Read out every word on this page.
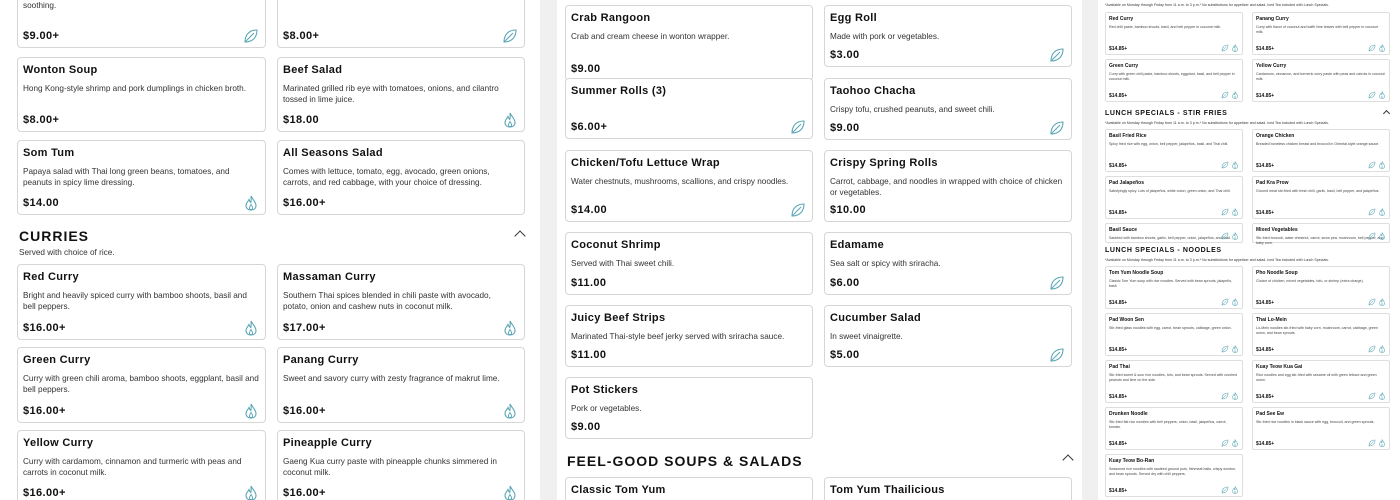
soothing.
$9.00+	$8.00+
Wonton Soup
Hong Kong-style shrimp and pork dumplings in chicken broth.
$8.00+
Beef Salad
Marinated grilled rib eye with tomatoes, onions, and cilantro tossed in lime juice.
$18.00
Som Tum
Papaya salad with Thai long green beans, tomatoes, and peanuts in spicy lime dressing.
$14.00
All Seasons Salad
Comes with lettuce, tomato, egg, avocado, green onions, carrots, and red cabbage, with your choice of dressing.
$16.00+
CURRIES
Served with choice of rice.
Red Curry
Bright and heavily spiced curry with bamboo shoots, basil and bell peppers.
$16.00+
Massaman Curry
Southern Thai spices blended in chili paste with avocado, potato, onion and cashew nuts in coconut milk.
$17.00+
Green Curry
Curry with green chili aroma, bamboo shoots, eggplant, basil and bell peppers.
$16.00+
Panang Curry
Sweet and savory curry with zesty fragrance of makrut lime.
$16.00+
Yellow Curry
Curry with cardamom, cinnamon and turmeric with peas and carrots in coconut milk.
$16.00+
Pineapple Curry
Gaeng Kua curry paste with pineapple chunks simmered in coconut milk.
$16.00+
Crab Rangoon
Crab and cream cheese in wonton wrapper.
$9.00
Egg Roll
Made with pork or vegetables.
$3.00
Summer Rolls (3)
$6.00+
Taohoo Chacha
Crispy tofu, crushed peanuts, and sweet chili.
$9.00
Chicken/Tofu Lettuce Wrap
Water chestnuts, mushrooms, scallions, and crispy noodles.
$14.00
Crispy Spring Rolls
Carrot, cabbage, and noodles in wrapped with choice of chicken or vegetables.
$10.00
Coconut Shrimp
Served with Thai sweet chili.
$11.00
Edamame
Sea salt or spicy with sriracha.
$6.00
Juicy Beef Strips
Marinated Thai-style beef jerky served with sriracha sauce.
$11.00
Cucumber Salad
In sweet vinaigrette.
$5.00
Pot Stickers
Pork or vegetables.
$9.00
FEEL-GOOD SOUPS & SALADS
Classic Tom Yum	Tom Yum Thailicious
*Available on Monday through Friday from 11 a.m. to 3 p.m.* No substitutions for appetizer and salad. Iced Tea included with Lunch Specials.
Red Curry
Red chili paste, bamboo shoots, basil, and bell pepper in coconut milk.
$14.85+
Panang Curry
Curry with flavor of coconut and kaffir lime leaves with bell pepper in coconut milk.
$14.85+
Green Curry
Curry with green chili paste, bamboo shoots, eggplant, basil, and bell pepper in coconut milk.
$14.85+
Yellow Curry
Cardamom, cinnamon, and turmeric curry paste with peas and carrots in coconut milk.
$14.85+
LUNCH SPECIALS - STIR FRIES
*Available on Monday through Friday from 11 a.m. to 3 p.m.* No substitutions for appetizer and salad. Iced Tea included with Lunch Specials.
Basil Fried Rice
Spicy fried rice with egg, onion, bell pepper, jalapeños, basil, and Thai chili.
$14.85+
Orange Chicken
Breaded boneless chicken breast and broccoli in Oriental-style orange sauce.
$14.85+
Pad Jalapeños
Satisfyingly spicy. Lots of jalapeños, white onion, green onion, and Thai chili.
$14.85+
Pad Kra Prow
Ground meat stir-fried with fresh chili, garlic, basil, bell pepper, and jalapeños.
$14.85+
Basil Sauce
Sautéed with bamboo shoots, garlic, bell pepper, onion, jalapeños, and basil.
Mixed Vegetables
Stir-fried broccoli, water chestnut, carrot, snow pea, mushroom, bell pepper, and baby corn.
LUNCH SPECIALS - NOODLES
*Available on Monday through Friday from 11 a.m. to 3 p.m.* No substitutions for appetizer and salad. Iced Tea included with Lunch Specials.
Tom Yum Noodle Soup
Classic Tom Yum soup with rice noodles. Served with bean sprouts, jalapeño, basil.
$14.85+
Pho Noodle Soup
Choice of chicken, mixed vegetables, tofu, or shrimp (extra charge).
$14.85+
Pad Woon Sen
Stir-fried glass noodles with egg, carrot, bean sprouts, cabbage, green onion.
$14.85+
Thai Lo-Mein
Lo-Mein noodles stir-fried with baby corn, mushroom, carrot, cabbage, green onion, and bean sprouts.
$14.85+
Pad Thai
Stir-fried sweet & sour rice noodles, tofu, and bean sprouts. Served with crushed peanuts and lime on the side.
$14.85+
Kuay Teow Kua Gai
Rice noodles and egg stir-fried with sesame oil with green lettuce and green onion.
$14.85+
Drunken Noodle
Stir-fried flat rice noodles with bell peppers, onion, basil, jalapeños, carrot, tomato.
$14.85+
Pad See Ew
Stir-fried rice noodles in black sauce with egg, broccoli, and green sprouts.
$14.85+
Kuay Teow Bo-Ran
Seasoned rice noodles with sautéed ground pork, fishmeat balls, crispy wonton, and bean sprouts. Served dry with chili peppers.
$14.85+
